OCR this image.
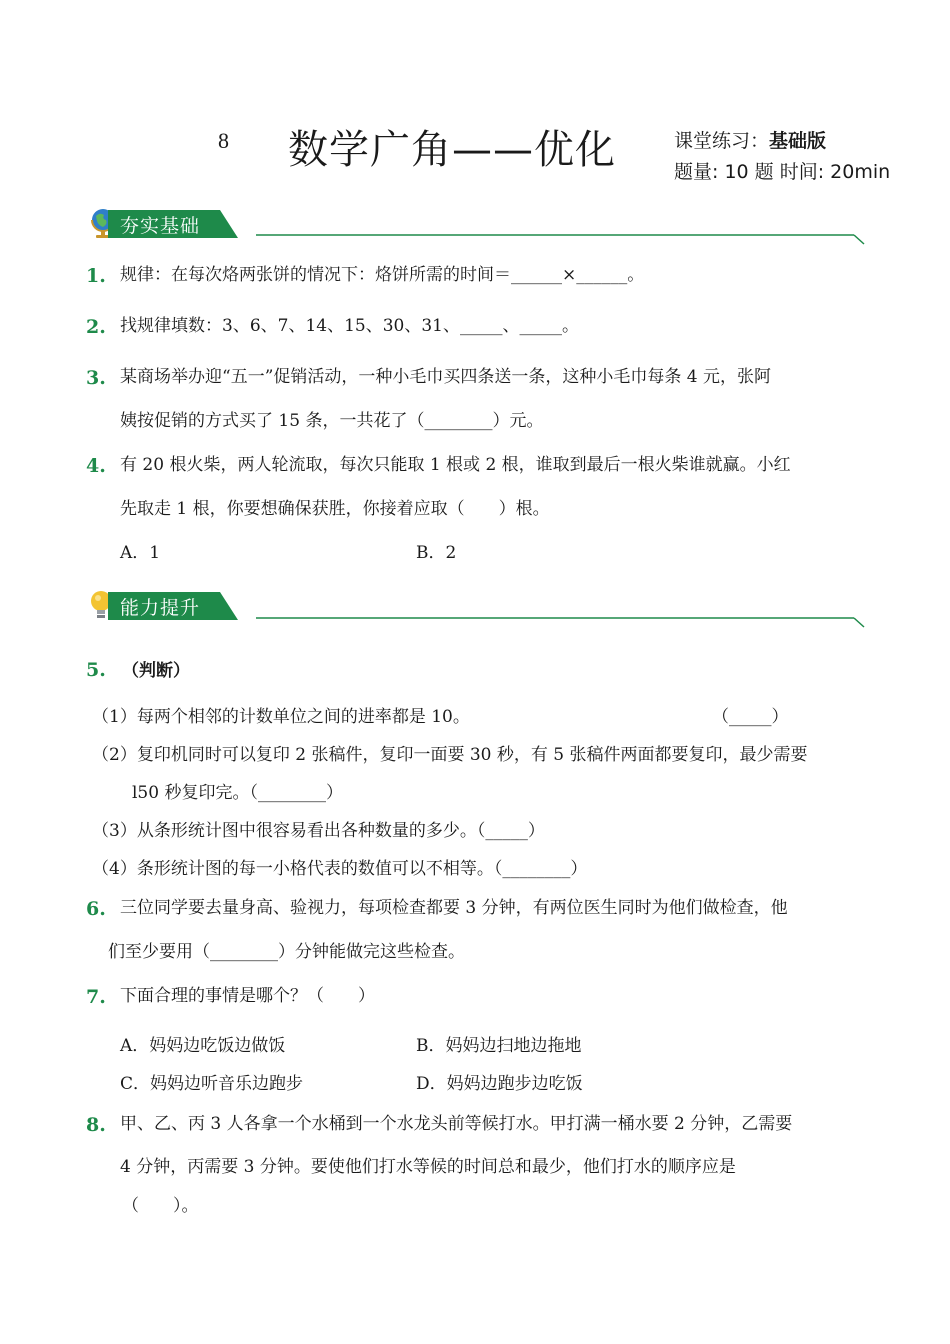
8 数学广角——优化	课堂练习：基础版
题量: 10 题 时间: 20min
夯实基础
1. 规律：在每次烙两张饼的情况下：烙饼所需的时间＝______×______。
2. 找规律填数：3、6、7、14、15、30、31、_____、_____。
3. 某商场举办迎“五一”促销活动，一种小毛巾买四条送一条，这种小毛巾每条 4 元，张阿
姨按促销的方式买了 15 条，一共花了（________）元。
4. 有 20 根火柴，两人轮流取，每次只能取 1 根或 2 根，谁取到最后一根火柴谁就赢。小红
先取走 1 根，你要想确保获胜，你接着应取（　　）根。
A．1	B．2
能力提升
5. （判断）
（1）每两个相邻的计数单位之间的进率都是 10。	（_____）
（2）复印机同时可以复印 2 张稿件，复印一面要 30 秒，有 5 张稿件两面都要复印，最少需要
l50 秒复印完。（________）
（3）从条形统计图中很容易看出各种数量的多少。（_____）
（4）条形统计图的每一小格代表的数值可以不相等。（________）
6. 三位同学要去量身高、验视力，每项检查都要 3 分钟，有两位医生同时为他们做检查，他
们至少要用（________）分钟能做完这些检查。
7. 下面合理的事情是哪个？（　　）
A．妈妈边吃饭边做饭	B．妈妈边扫地边拖地
C．妈妈边听音乐边跑步	D．妈妈边跑步边吃饭
8. 甲、乙、丙 3 人各拿一个水桶到一个水龙头前等候打水。甲打满一桶水要 2 分钟，乙需要
4 分钟，丙需要 3 分钟。要使他们打水等候的时间总和最少，他们打水的顺序应是
（　　）。
